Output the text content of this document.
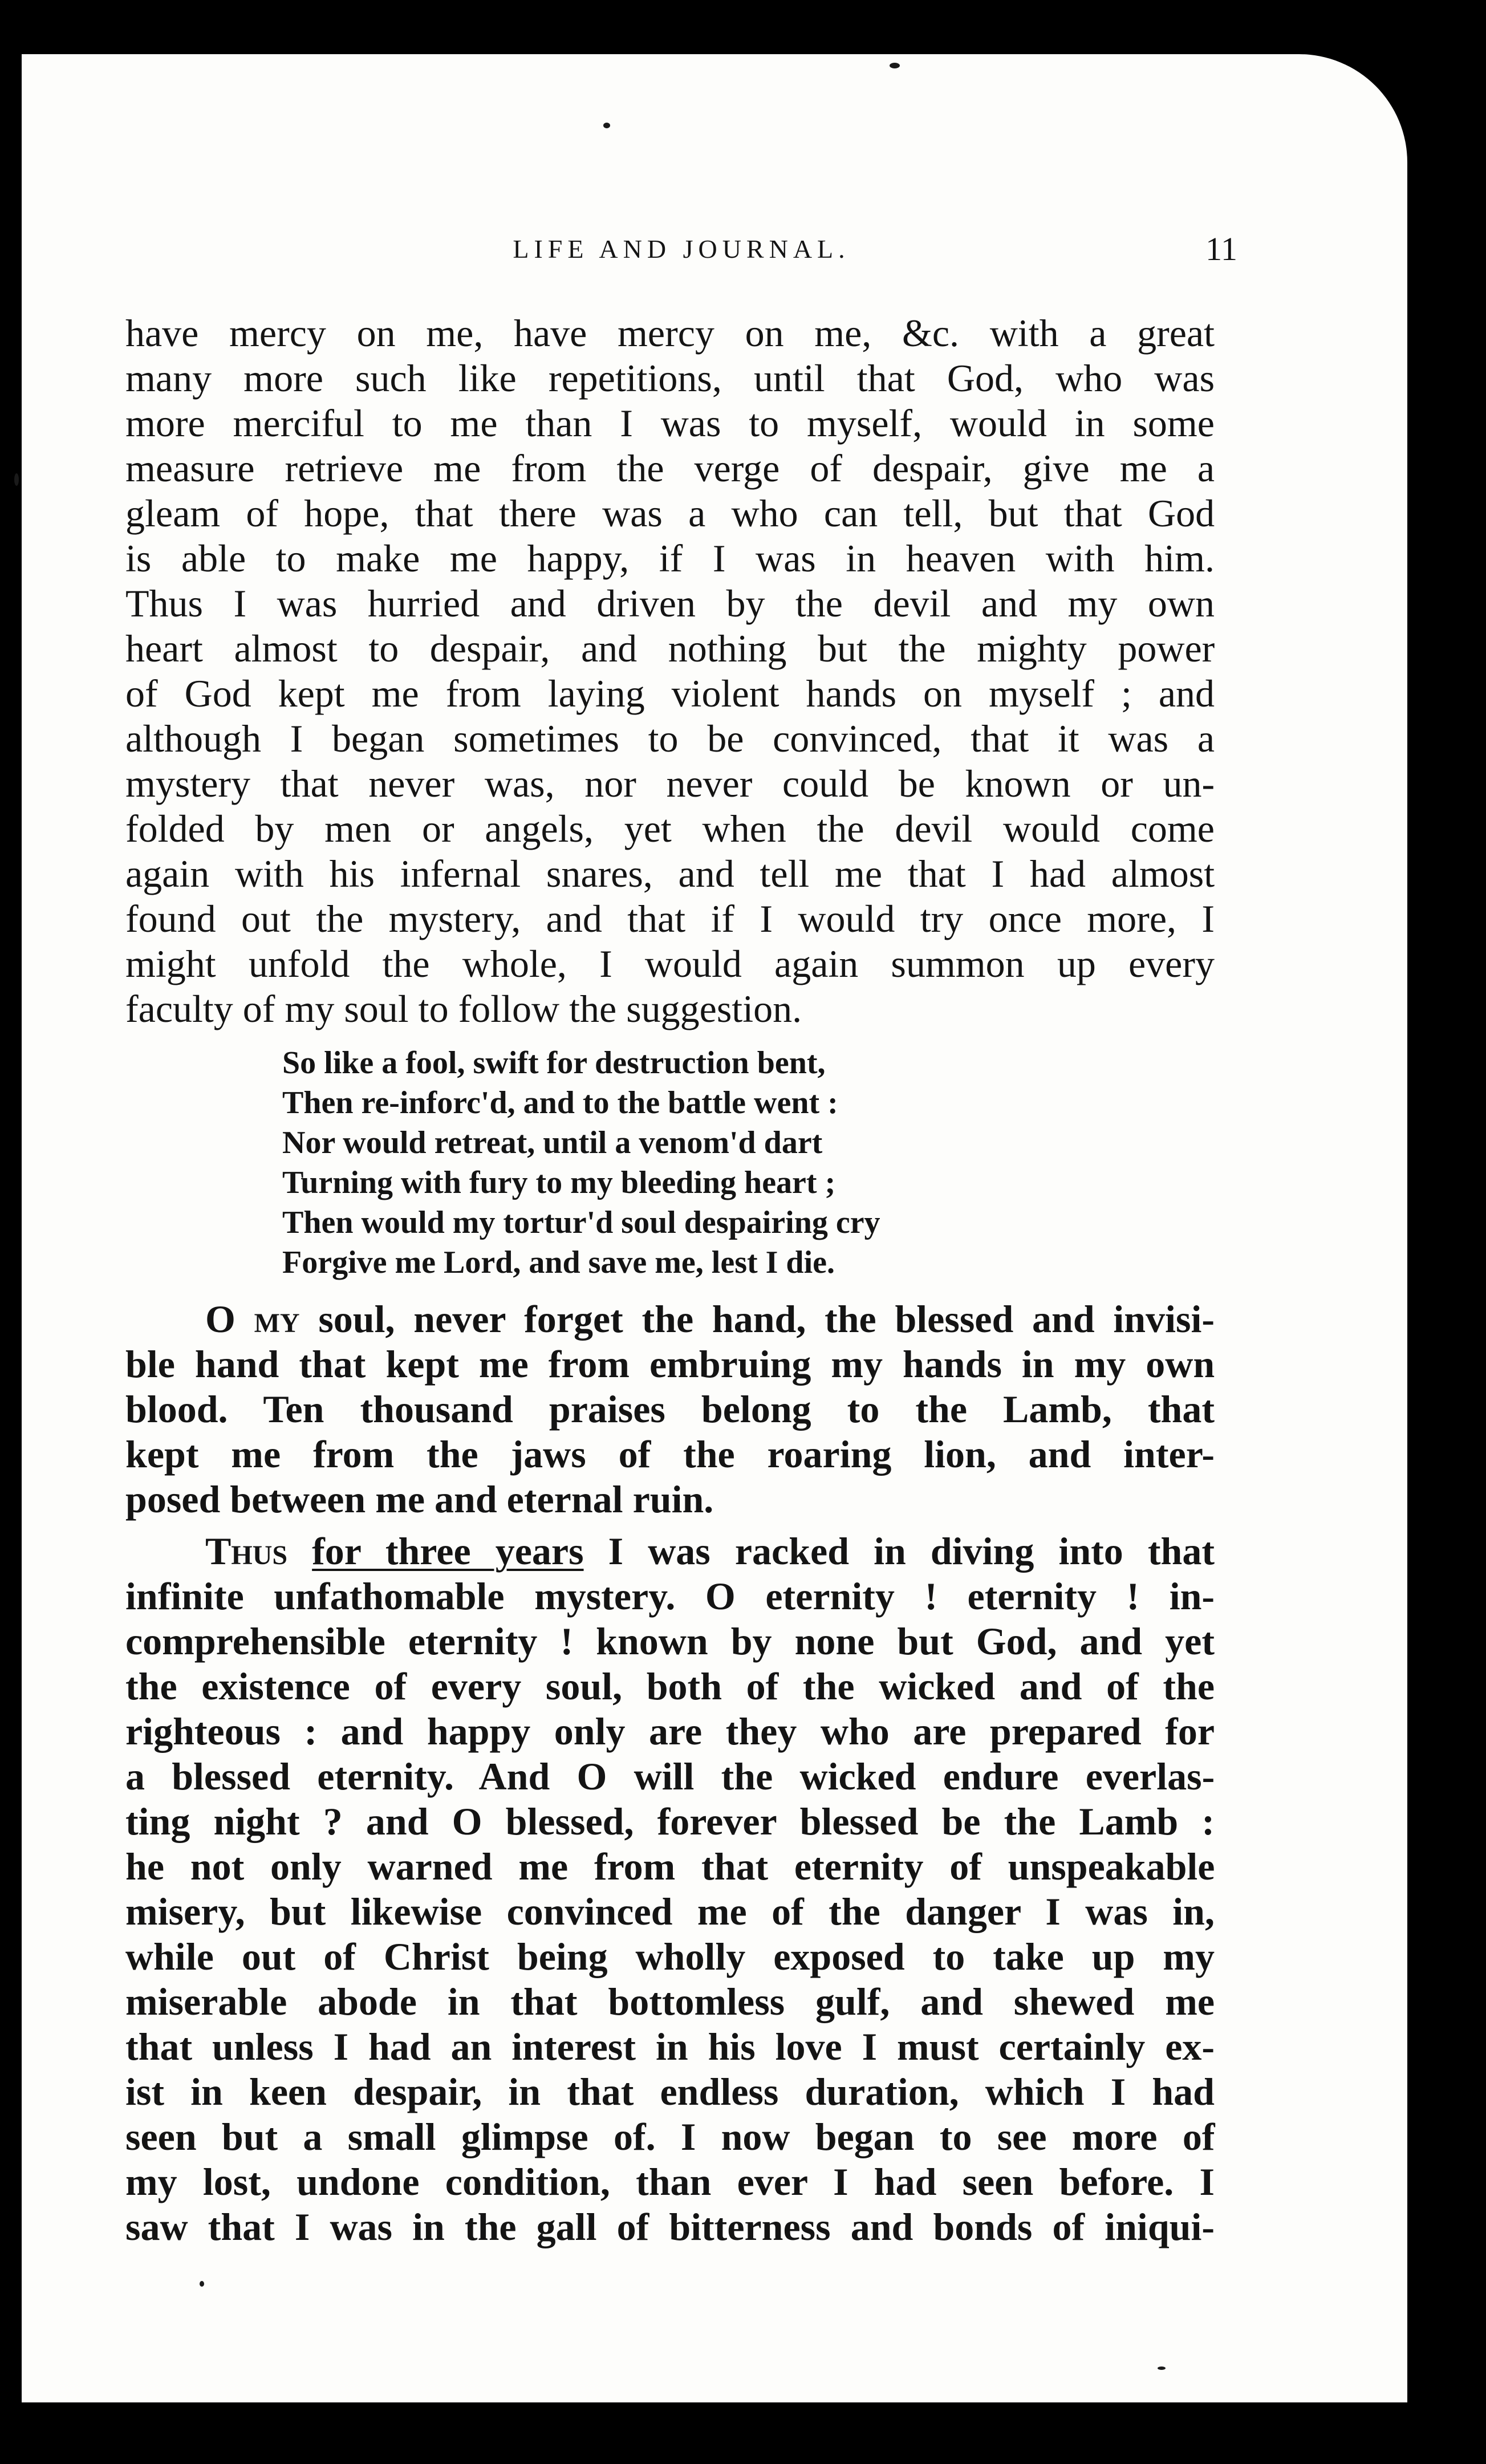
LIFE AND JOURNAL.	11
have mercy on me, have mercy on me, &c. with a great
many more such like repetitions, until that God, who was
more merciful to me than I was to myself, would in some
measure retrieve me from the verge of despair, give me a
gleam of hope, that there was a who can tell, but that God
is able to make me happy, if I was in heaven with him.
Thus I was hurried and driven by the devil and my own
heart almost to despair, and nothing but the mighty power
of God kept me from laying violent hands on myself ; and
although I began sometimes to be convinced, that it was a
mystery that never was, nor never could be known or un-
folded by men or angels, yet when the devil would come
again with his infernal snares, and tell me that I had almost
found out the mystery, and that if I would try once more, I
might unfold the whole, I would again summon up every
faculty of my soul to follow the suggestion.
So like a fool, swift for destruction bent,
Then re-inforc'd, and to the battle went :
Nor would retreat, until a venom'd dart
Turning with fury to my bleeding heart ;
Then would my tortur'd soul despairing cry
Forgive me Lord, and save me, lest I die.
O my soul, never forget the hand, the blessed and invisi-
ble hand that kept me from embruing my hands in my own
blood. Ten thousand praises belong to the Lamb, that
kept me from the jaws of the roaring lion, and inter-
posed between me and eternal ruin.
Thus for three years I was racked in diving into that
infinite unfathomable mystery. O eternity ! eternity ! in-
comprehensible eternity ! known by none but God, and yet
the existence of every soul, both of the wicked and of the
righteous : and happy only are they who are prepared for
a blessed eternity. And O will the wicked endure everlas-
ting night ? and O blessed, forever blessed be the Lamb :
he not only warned me from that eternity of unspeakable
misery, but likewise convinced me of the danger I was in,
while out of Christ being wholly exposed to take up my
miserable abode in that bottomless gulf, and shewed me
that unless I had an interest in his love I must certainly ex-
ist in keen despair, in that endless duration, which I had
seen but a small glimpse of. I now began to see more of
my lost, undone condition, than ever I had seen before. I
saw that I was in the gall of bitterness and bonds of iniqui-
